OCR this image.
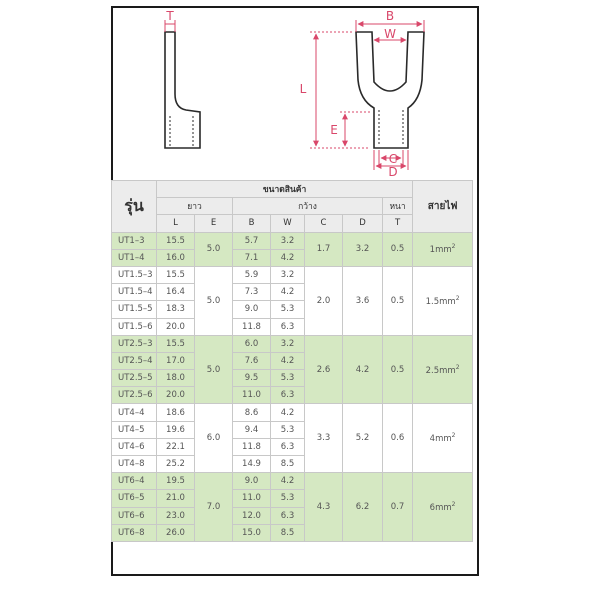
T	B
W
L
E
C
D
รุ่น	ขนาดสินค้า							สายไฟ
	ยาว		กว้าง				หนา	
	L	E	B	W	C	D	T	
UT1–3	15.5	5.0	5.7	3.2	1.7	3.2	0.5	$1mm^2$
UT1–4	16.0		7.1	4.2				
UT1.5–3	15.5	5.0	5.9	3.2	2.0	3.6	0.5	$1.5mm^2$
UT1.5–4	16.4		7.3	4.2				
UT1.5–5	18.3		9.0	5.3				
UT1.5–6	20.0		11.8	6.3				
UT2.5–3	15.5	5.0	6.0	3.2	2.6	4.2	0.5	$2.5mm^2$
UT2.5–4	17.0		7.6	4.2				
UT2.5–5	18.0		9.5	5.3				
UT2.5–6	20.0		11.0	6.3				
UT4–4	18.6	6.0	8.6	4.2	3.3	5.2	0.6	$4mm^2$
UT4–5	19.6		9.4	5.3				
UT4–6	22.1		11.8	6.3				
UT4–8	25.2		14.9	8.5				
UT6–4	19.5	7.0	9.0	4.2	4.3	6.2	0.7	$6mm^2$
UT6–5	21.0		11.0	5.3				
UT6–6	23.0		12.0	6.3				
UT6–8	26.0		15.0	8.5				
